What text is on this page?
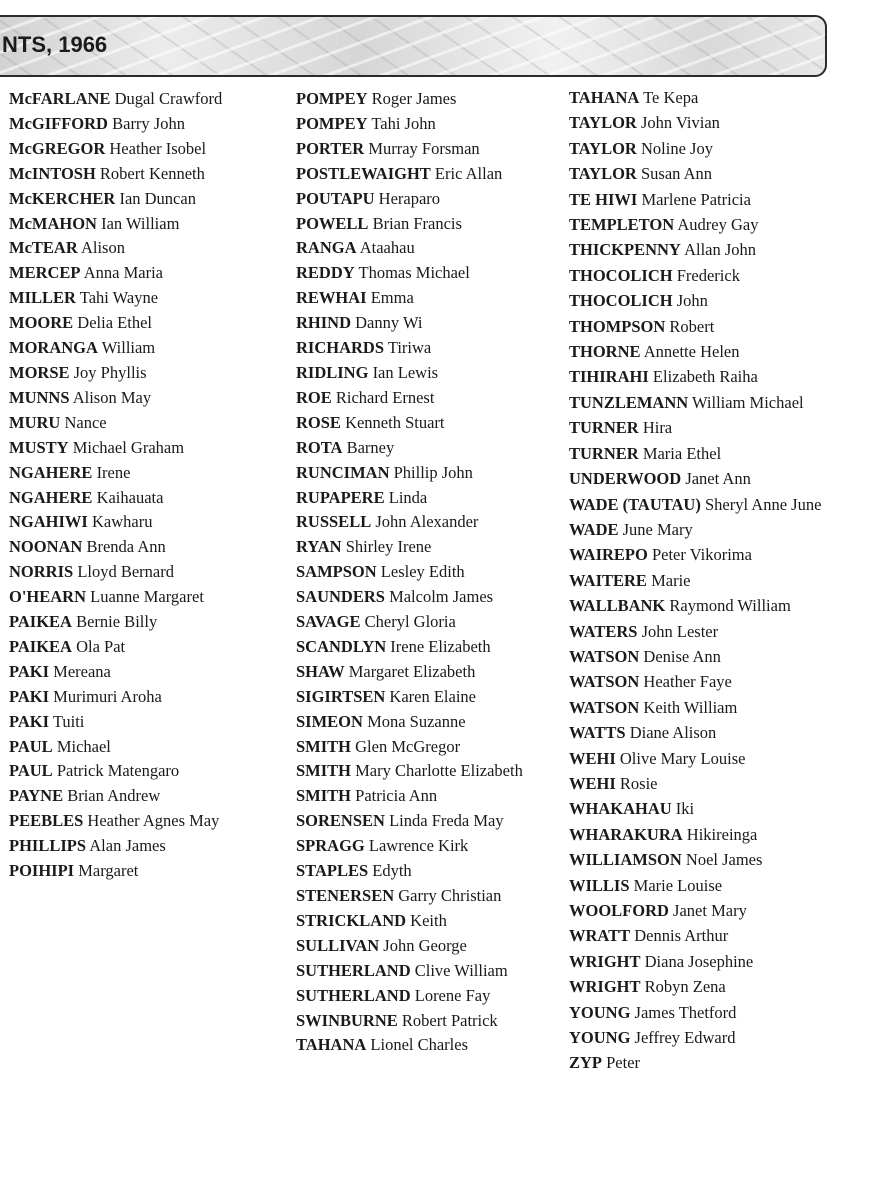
NTS, 1966
McFARLANE Dugal Crawford
McGIFFORD Barry John
McGREGOR Heather Isobel
McINTOSH Robert Kenneth
McKERCHER Ian Duncan
McMAHON Ian William
McTEAR Alison
MERCEP Anna Maria
MILLER Tahi Wayne
MOORE Delia Ethel
MORANGA William
MORSE Joy Phyllis
MUNNS Alison May
MURU Nance
MUSTY Michael Graham
NGAHERE Irene
NGAHERE Kaihauata
NGAHIWI Kawharu
NOONAN Brenda Ann
NORRIS Lloyd Bernard
O'HEARN Luanne Margaret
PAIKEA Bernie Billy
PAIKEA Ola Pat
PAKI Mereana
PAKI Murimuri Aroha
PAKI Tuiti
PAUL Michael
PAUL Patrick Matengaro
PAYNE Brian Andrew
PEEBLES Heather Agnes May
PHILLIPS Alan James
POIHIPI Margaret
POMPEY Roger James
POMPEY Tahi John
PORTER Murray Forsman
POSTLEWAIGHT Eric Allan
POUTAPU Heraparo
POWELL Brian Francis
RANGA Ataahau
REDDY Thomas Michael
REWHAI Emma
RHIND Danny Wi
RICHARDS Tiriwa
RIDLING Ian Lewis
ROE Richard Ernest
ROSE Kenneth Stuart
ROTA Barney
RUNCIMAN Phillip John
RUPAPERE Linda
RUSSELL John Alexander
RYAN Shirley Irene
SAMPSON Lesley Edith
SAUNDERS Malcolm James
SAVAGE Cheryl Gloria
SCANDLYN Irene Elizabeth
SHAW Margaret Elizabeth
SIGIRTSEN Karen Elaine
SIMEON Mona Suzanne
SMITH Glen McGregor
SMITH Mary Charlotte Elizabeth
SMITH Patricia Ann
SORENSEN Linda Freda May
SPRAGG Lawrence Kirk
STAPLES Edyth
STENERSEN Garry Christian
STRICKLAND Keith
SULLIVAN John George
SUTHERLAND Clive William
SUTHERLAND Lorene Fay
SWINBURNE Robert Patrick
TAHANA Lionel Charles
TAHANA Te Kepa
TAYLOR John Vivian
TAYLOR Noline Joy
TAYLOR Susan Ann
TE HIWI Marlene Patricia
TEMPLETON Audrey Gay
THICKPENNY Allan John
THOCOLICH Frederick
THOCOLICH John
THOMPSON Robert
THORNE Annette Helen
TIHIRAHI Elizabeth Raiha
TUNZLEMANN William Michael
TURNER Hira
TURNER Maria Ethel
UNDERWOOD Janet Ann
WADE (TAUTAU) Sheryl Anne June
WADE June Mary
WAIREPO Peter Vikorima
WAITERE Marie
WALLBANK Raymond William
WATERS John Lester
WATSON Denise Ann
WATSON Heather Faye
WATSON Keith William
WATTS Diane Alison
WEHI Olive Mary Louise
WEHI Rosie
WHAKAHAU Iki
WHARAKURA Hikireinga
WILLIAMSON Noel James
WILLIS Marie Louise
WOOLFORD Janet Mary
WRATT Dennis Arthur
WRIGHT Diana Josephine
WRIGHT Robyn Zena
YOUNG James Thetford
YOUNG Jeffrey Edward
ZYP Peter
